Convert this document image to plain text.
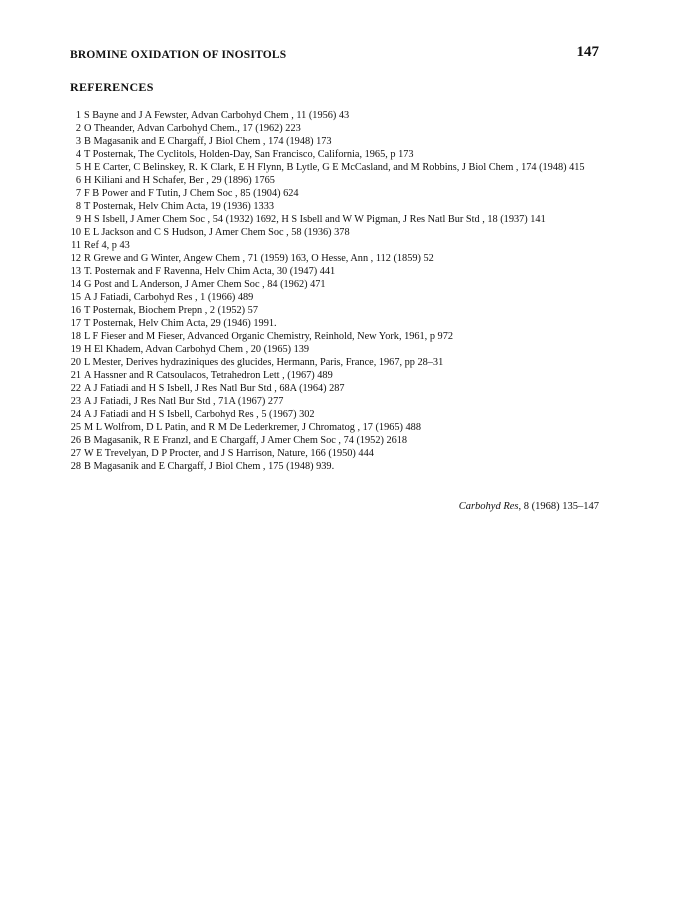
BROMINE OXIDATION OF INOSITOLS	147
REFERENCES
1 S Bayne and J A Fewster, Advan Carbohyd Chem , 11 (1956) 43
2 O Theander, Advan Carbohyd Chem., 17 (1962) 223
3 B Magasanik and E Chargaff, J Biol Chem , 174 (1948) 173
4 T Posternak, The Cyclitols, Holden-Day, San Francisco, California, 1965, p 173
5 H E Carter, C Belinskey, R. K Clark, E H Flynn, B Lytle, G E McCasland, and M Robbins, J Biol Chem , 174 (1948) 415
6 H Kiliani and H Schafer, Ber , 29 (1896) 1765
7 F B Power and F Tutin, J Chem Soc , 85 (1904) 624
8 T Posternak, Helv Chim Acta, 19 (1936) 1333
9 H S Isbell, J Amer Chem Soc , 54 (1932) 1692, H S Isbell and W W Pigman, J Res Natl Bur Std , 18 (1937) 141
10 E L Jackson and C S Hudson, J Amer Chem Soc , 58 (1936) 378
11 Ref 4, p 43
12 R Grewe and G Winter, Angew Chem , 71 (1959) 163, O Hesse, Ann , 112 (1859) 52
13 T. Posternak and F Ravenna, Helv Chim Acta, 30 (1947) 441
14 G Post and L Anderson, J Amer Chem Soc , 84 (1962) 471
15 A J Fatiadi, Carbohyd Res , 1 (1966) 489
16 T Posternak, Biochem Prepn , 2 (1952) 57
17 T Posternak, Helv Chim Acta, 29 (1946) 1991.
18 L F Fieser and M Fieser, Advanced Organic Chemistry, Reinhold, New York, 1961, p 972
19 H El Khadem, Advan Carbohyd Chem , 20 (1965) 139
20 L Mester, Derives hydraziniques des glucides, Hermann, Paris, France, 1967, pp 28–31
21 A Hassner and R Catsoulacos, Tetrahedron Lett , (1967) 489
22 A J Fatiadi and H S Isbell, J Res Natl Bur Std , 68A (1964) 287
23 A J Fatiadi, J Res Natl Bur Std , 71A (1967) 277
24 A J Fatiadi and H S Isbell, Carbohyd Res , 5 (1967) 302
25 M L Wolfrom, D L Patin, and R M De Lederkremer, J Chromatog , 17 (1965) 488
26 B Magasanik, R E Franzl, and E Chargaff, J Amer Chem Soc , 74 (1952) 2618
27 W E Trevelyan, D P Procter, and J S Harrison, Nature, 166 (1950) 444
28 B Magasanik and E Chargaff, J Biol Chem , 175 (1948) 939.
Carbohyd Res, 8 (1968) 135–147
